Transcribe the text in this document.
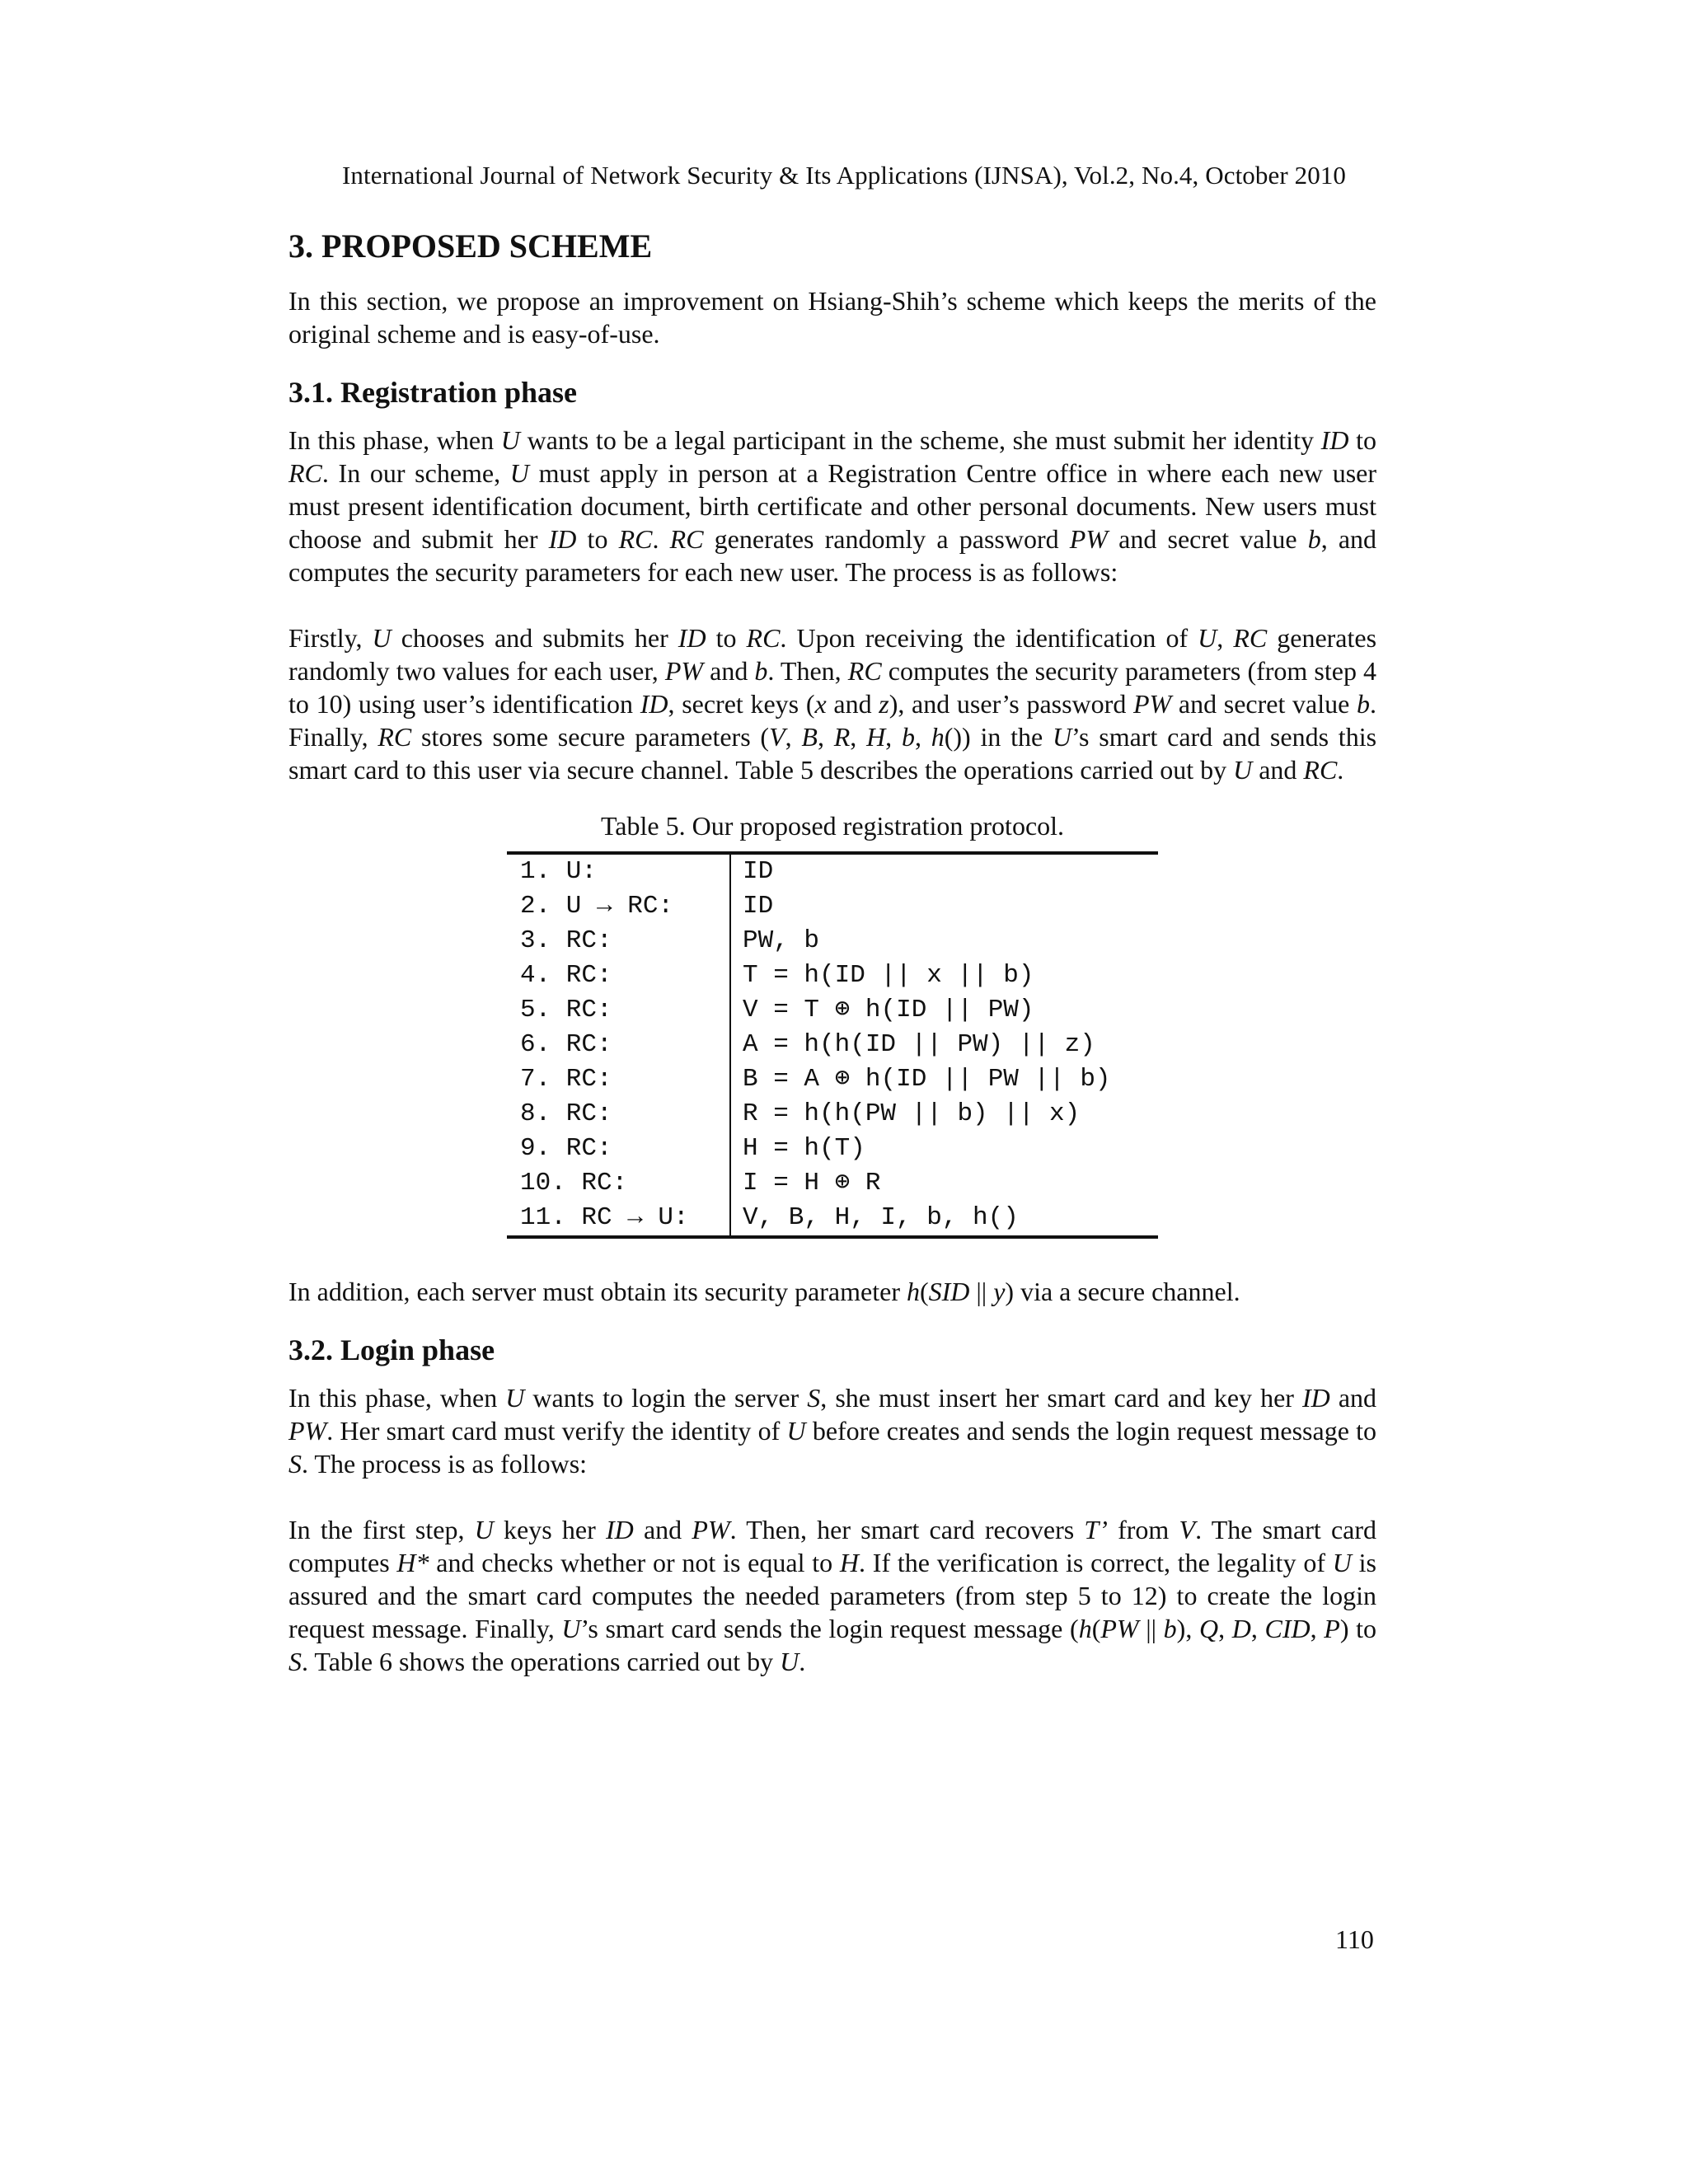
International Journal of Network Security & Its Applications (IJNSA), Vol.2, No.4, October 2010
3. PROPOSED SCHEME

In this section, we propose an improvement on Hsiang-Shih’s scheme which keeps the merits of the original scheme and is easy-of-use.

3.1. Registration phase

In this phase, when U wants to be a legal participant in the scheme, she must submit her identity ID to RC. In our scheme, U must apply in person at a Registration Centre office in where each new user must present identification document, birth certificate and other personal documents. New users must choose and submit her ID to RC. RC generates randomly a password PW and secret value b, and computes the security parameters for each new user. The process is as follows:

Firstly, U chooses and submits her ID to RC. Upon receiving the identification of U, RC generates randomly two values for each user, PW and b. Then, RC computes the security parameters (from step 4 to 10) using user’s identification ID, secret keys (x and z), and user’s password PW and secret value b. Finally, RC stores some secure parameters (V, B, R, H, b, h()) in the U’s smart card and sends this smart card to this user via secure channel. Table 5 describes the operations carried out by U and RC.

Table 5. Our proposed registration protocol.
1. U:	ID
2. U → RC:	ID
3. RC:	PW, b
4. RC:	T = h(ID || x || b)
5. RC:	V = T ⊕ h(ID || PW)
6. RC:	A = h(h(ID || PW) || z)
7. RC:	B = A ⊕ h(ID || PW || b)
8. RC:	R = h(h(PW || b) || x)
9. RC:	H = h(T)
10. RC:	I = H ⊕ R
11. RC → U:	V, B, H, I, b, h()

In addition, each server must obtain its security parameter h(SID || y) via a secure channel.

3.2. Login phase

In this phase, when U wants to login the server S, she must insert her smart card and key her ID and PW. Her smart card must verify the identity of U before creates and sends the login request message to S. The process is as follows:

In the first step, U keys her ID and PW. Then, her smart card recovers T’ from V. The smart card computes H* and checks whether or not is equal to H. If the verification is correct, the legality of U is assured and the smart card computes the needed parameters (from step 5 to 12) to create the login request message. Finally, U’s smart card sends the login request message (h(PW || b), Q, D, CID, P) to S. Table 6 shows the operations carried out by U.

110
